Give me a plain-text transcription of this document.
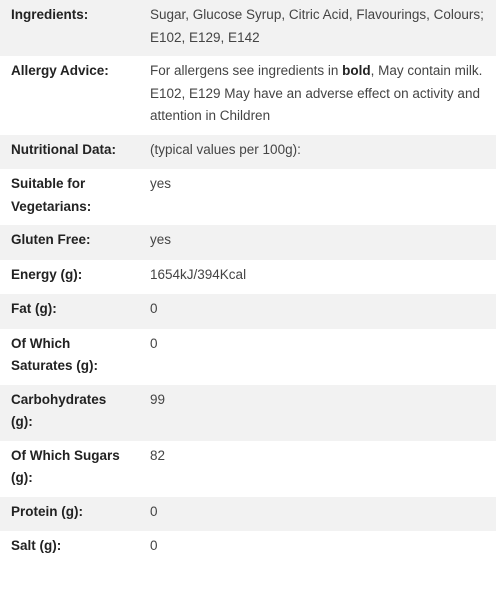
Ingredients:	Sugar, Glucose Syrup, Citric Acid, Flavourings, Colours; E102, E129, E142
Allergy Advice:	For allergens see ingredients in bold, May contain milk. E102, E129 May have an adverse effect on activity and attention in Children
Nutritional Data:	(typical values per 100g):
Suitable for Vegetarians:	yes
Gluten Free:	yes
Energy (g):	1654kJ/394Kcal
Fat (g):	0
Of Which Saturates (g):	0
Carbohydrates (g):	99
Of Which Sugars (g):	82
Protein (g):	0
Salt (g):	0
